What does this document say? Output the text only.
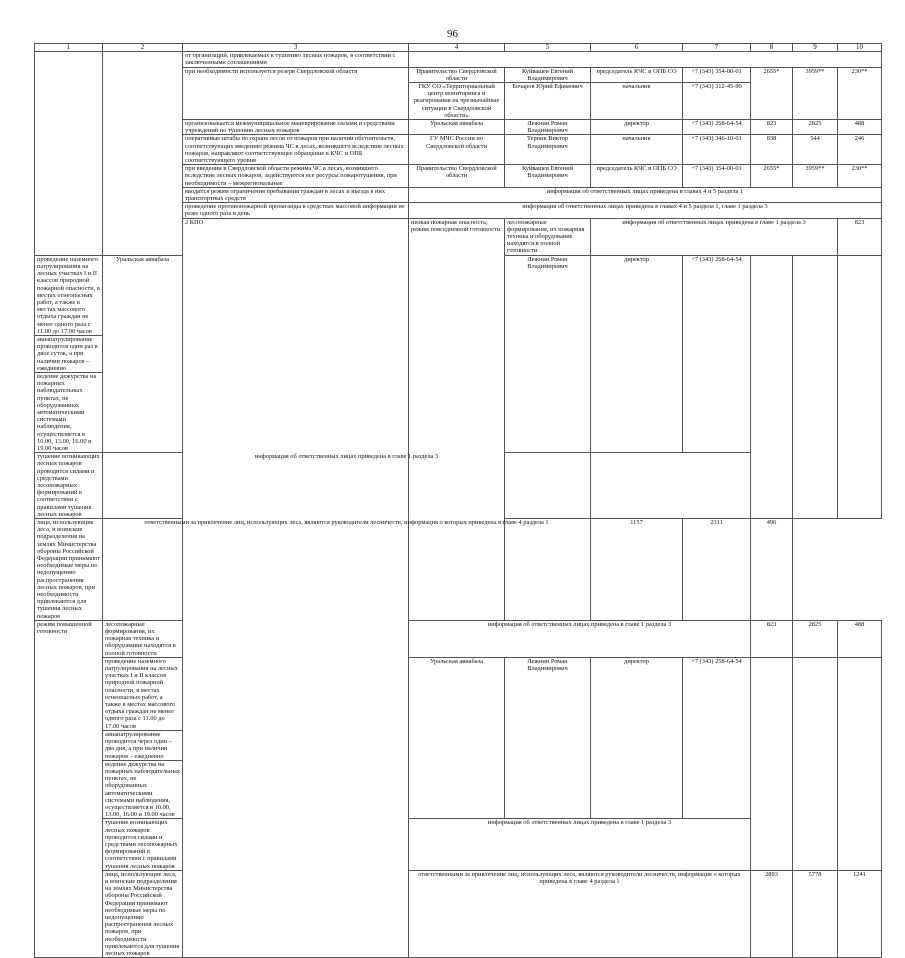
96
1	2	3	4	5	6	7	8	9	10	
		от организаций, привлекаемых к тушению лесных пожаров, в соответствии с заключенными соглашениями								
		при необходимости используется резерв Свердловской области	Правительство Свердловской области	Куйвашев Евгений Владимирович	председатель КЧС и ОПБ СО	+7 (343) 354-00-01	2655*	3959**	230**	
			ГКУ СО «Территориальный центр мониторинга и реагирования на чрезвычайные ситуации в Свердловской области»	Бочаров Юрий Ефимович	начальник	+7 (343) 312-45-90				
		организовывается межмуниципальное маневрирование силами и средствами учреждений по тушению лесных пожаров	Уральская авиабаза	Лежнин Роман Владимирович	директор	+7 (343) 258-64-54	823	2825	488	
		оперативные штабы по охране лесов от пожаров при наличии обстоятельств, соответствующих введению режима ЧС в лесах, возникшего вследствие лесных пожаров, направляют соответствующее обращение в КЧС и ОПБ соответствующего уровня	ГУ МЧС России по Свердловской области	Терник Виктор Владимирович	начальник	+7 (343) 346-10-01	838	544	246	
		при введении в Свердловской области режима ЧС в лесах, возникшего вследствие лесных пожаров, задействуются все ресурсы пожаротушения, при необходимости – межрегиональные	Правительство Свердловской области	Куйвашев Евгений Владимирович	председатель КЧС и ОПБ СО	+7 (343) 354-00-01	2655*	3959**	230**	
		вводится режим ограничения пребывания граждан в лесах и въезда в них транспортных средств	информация об ответственных лицах приведена в главах 4 и 5 раздела 1							
		проведение противопожарной пропаганды в средствах массовой информации не реже одного раза в день	информация об ответственных лицах приведена в главах 4 и 5 раздела 1, главе 1 раздела 3							
		2 КПО	низкая пожарная опасность; режим повседневной готовности	лесопожарные формирования, их пожарная техника и оборудование находятся в полной готовности	информация об ответственных лицах приведена в главе 1 раздела 3				823		
проведение наземного патрулирования на лесных участках I и II классов природной пожарной опасности, в местах огнеопасных работ, а также в местах массового отдыха граждан не менее одного раза с 11.00 до 17.00 часов	Уральская авиабаза			Лежнин Роман Владимирович	директор	+7 (343) 258-64-54				
авиапатрулирование проводится один раз в двое суток, а при наличии пожаров – ежедневно										
ведение дежурства на пожарных наблюдательных пунктах, не оборудованных автоматическими системами наблюдения, осуществляется в 10.00, 13.00, 16.00 и 19.00 часов										
тушение возникающих лесных пожаров проводится силами и средствами лесопожарных формирований в соответствии с правилами тушения лесных пожаров	информация об ответственных лицах приведена в главе 1 раздела 3									
лица, использующие леса, и воинские подразделения на землях Министерства обороны Российской Федерации принимают необходимые меры по недопущению распространения лесных пожаров, при необходимости привлекаются для тушения лесных пожаров	ответственными за привлечение лиц, использующих леса, являются руководители лесничеств, информация о которых приведена в главе 4 раздела 1				1157	2311	496			
режим повышенной готовности	лесопожарные формирования, их пожарная техника и оборудование находятся в полной готовности		информация об ответственных лицах приведена в главе 1 раздела 3				823	2825	488	
	проведение наземного патрулирования на лесных участках I и II классов природной пожарной опасности, в местах огнеопасных работ, а также в местах массового отдыха граждан не менее одного раза с 11.00 до 17.00 часов		Уральская авиабаза	Лежнин Роман Владимирович	директор	+7 (343) 258-64-54				
	авиапатрулирование проводится через один – два дня, а при наличии пожаров – ежедневно									
	ведение дежурства на пожарных наблюдательных пунктах, не оборудованных автоматическими системами наблюдения, осуществляется в 10.00, 13.00, 16.00 и 19.00 часов									
	тушение возникающих лесных пожаров проводится силами и средствами лесопожарных формирований в соответствии с правилами тушения лесных пожаров		информация об ответственных лицах приведена в главе 1 раздела 3							
	лица, использующие леса, и воинские подразделения на землях Министерства обороны Российской Федерации принимают необходимые меры по недопущению распространения лесных пожаров, при необходимости привлекаются для тушения лесных пожаров		ответственными за привлечение лиц, использующих леса, являются руководители лесничеств, информация о которых приведена в главе 4 раздела 1				2893	5778	1241	
